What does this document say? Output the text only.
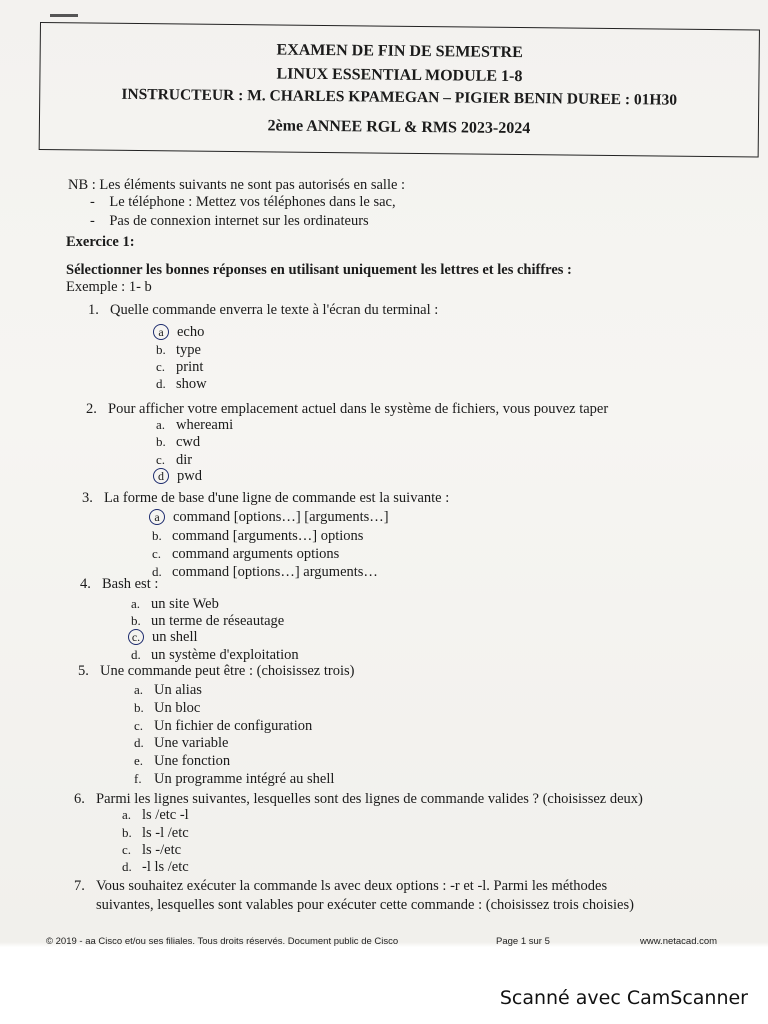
EXAMEN DE FIN DE SEMESTRE
LINUX ESSENTIAL MODULE 1-8
INSTRUCTEUR : M. CHARLES KPAMEGAN – PIGIER BENIN DUREE : 01H30
2ème ANNEE RGL & RMS 2023-2024
NB : Les éléments suivants ne sont pas autorisés en salle :
-    Le téléphone : Mettez vos téléphones dans le sac,
-    Pas de connexion internet sur les ordinateurs
Exercice 1:
Sélectionner les bonnes réponses en utilisant uniquement les lettres et les chiffres :
Exemple : 1- b
1. Quelle commande enverra le texte à l'écran du terminal :
a echo
b. type
c. print
d. show
2. Pour afficher votre emplacement actuel dans le système de fichiers, vous pouvez taper
a. whereami
b. cwd
c. dir
d pwd
3. La forme de base d'une ligne de commande est la suivante :
a command [options…] [arguments…]
b. command [arguments…] options
c. command arguments options
d. command [options…] arguments…
4. Bash est :
a. un site Web
b. un terme de réseautage
c. un shell
d. un système d'exploitation
5. Une commande peut être : (choisissez trois)
a. Un alias
b. Un bloc
c. Un fichier de configuration
d. Une variable
e. Une fonction
f. Un programme intégré au shell
6. Parmi les lignes suivantes, lesquelles sont des lignes de commande valides ? (choisissez deux)
a. ls /etc -l
b. ls -l /etc
c. ls -/etc
d. -l ls /etc
7. Vous souhaitez exécuter la commande ls avec deux options : -r et -l. Parmi les méthodes
suivantes, lesquelles sont valables pour exécuter cette commande : (choisissez trois choisies)
© 2019 - aa Cisco et/ou ses filiales. Tous droits réservés. Document public de Cisco	Page 1 sur 5	www.netacad.com
Scanné avec CamScanner
